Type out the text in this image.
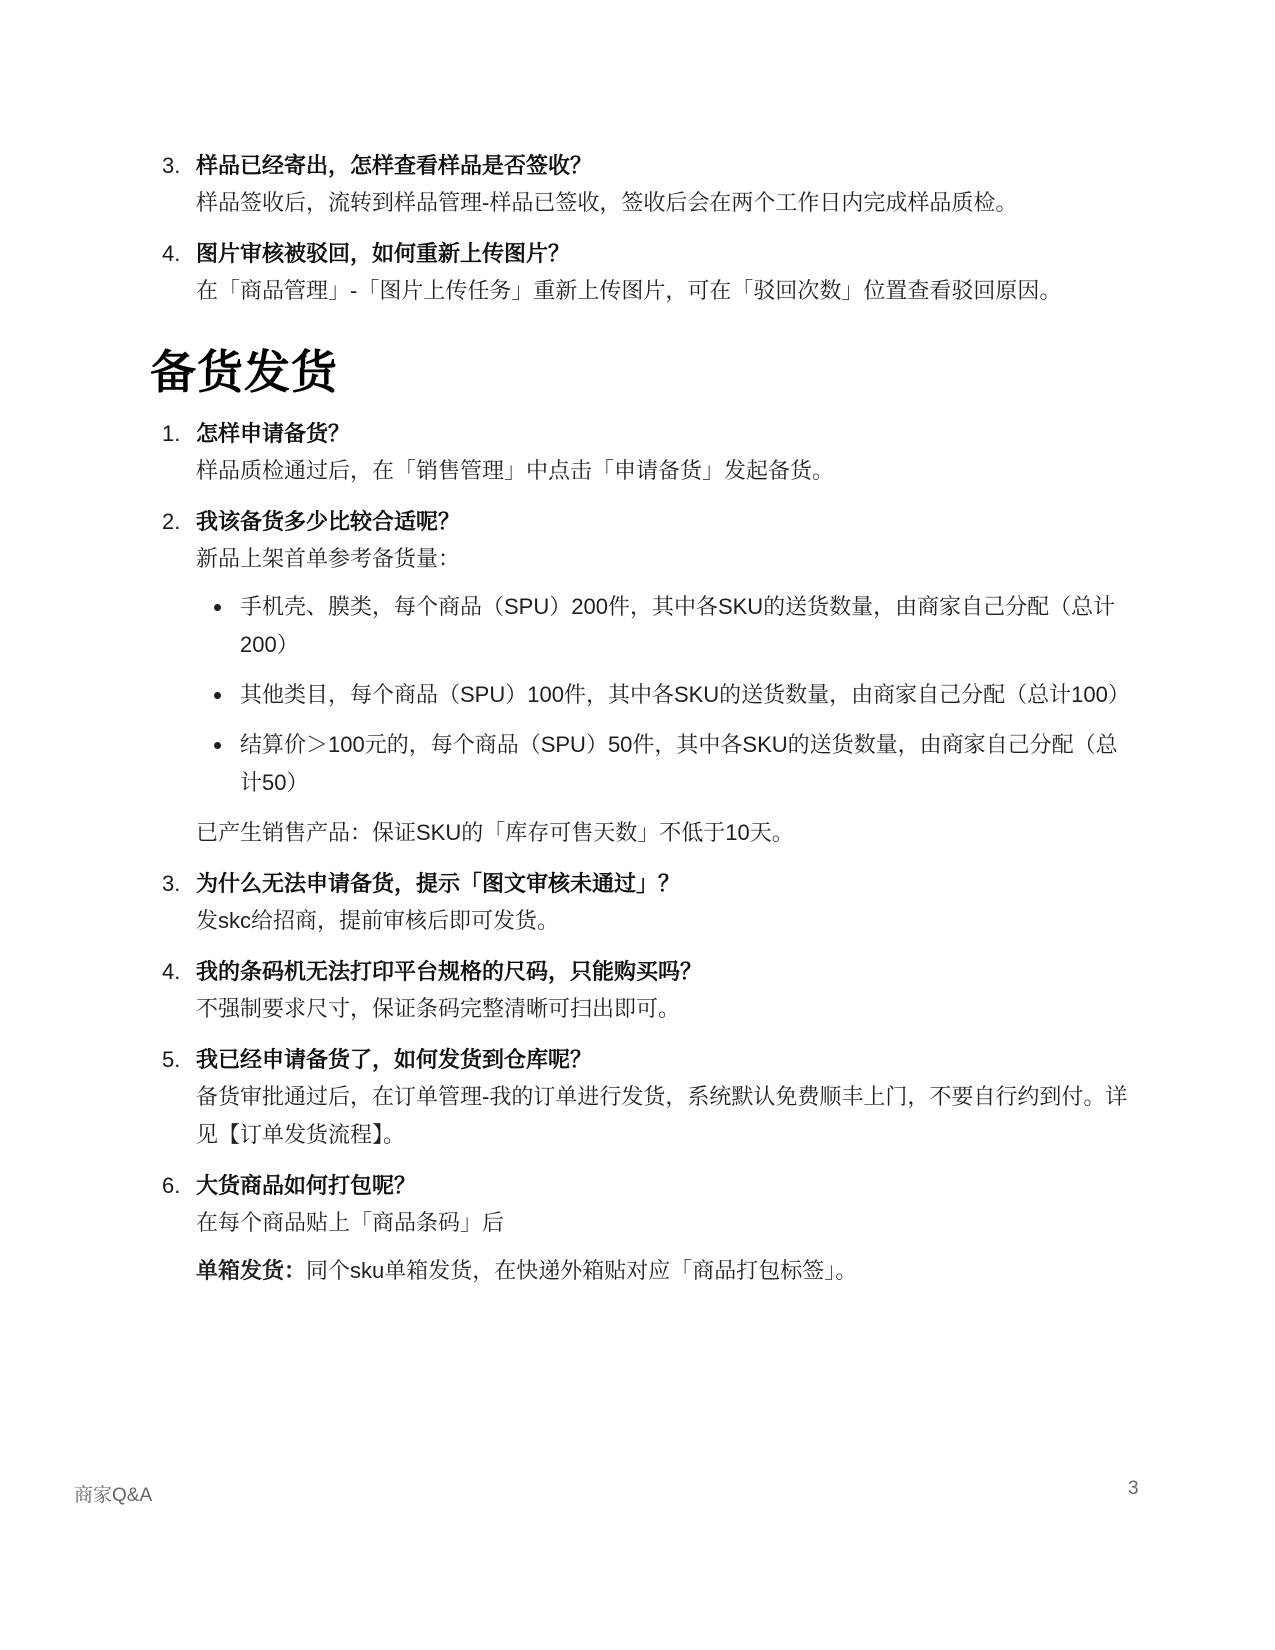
3. 样品已经寄出，怎样查看样品是否签收？
样品签收后，流转到样品管理-样品已签收，签收后会在两个工作日内完成样品质检。
4. 图片审核被驳回，如何重新上传图片？
在「商品管理」-「图片上传任务」重新上传图片，可在「驳回次数」位置查看驳回原因。
备货发货
1. 怎样申请备货？
样品质检通过后，在「销售管理」中点击「申请备货」发起备货。
2. 我该备货多少比较合适呢？
新品上架首单参考备货量：
手机壳、膜类，每个商品（SPU）200件，其中各SKU的送货数量，由商家自己分配（总计200）
其他类目，每个商品（SPU）100件，其中各SKU的送货数量，由商家自己分配（总计100）
结算价＞100元的，每个商品（SPU）50件，其中各SKU的送货数量，由商家自己分配（总计50）
已产生销售产品：保证SKU的「库存可售天数」不低于10天。
3. 为什么无法申请备货，提示「图文审核未通过」？
发skc给招商，提前审核后即可发货。
4. 我的条码机无法打印平台规格的尺码，只能购买吗？
不强制要求尺寸，保证条码完整清晰可扫出即可。
5. 我已经申请备货了，如何发货到仓库呢？
备货审批通过后，在订单管理-我的订单进行发货，系统默认免费顺丰上门，不要自行约到付。详见【订单发货流程】。
6. 大货商品如何打包呢？
在每个商品贴上「商品条码」后
单箱发货：同个sku单箱发货，在快递外箱贴对应「商品打包标签」。
商家Q&A	3
